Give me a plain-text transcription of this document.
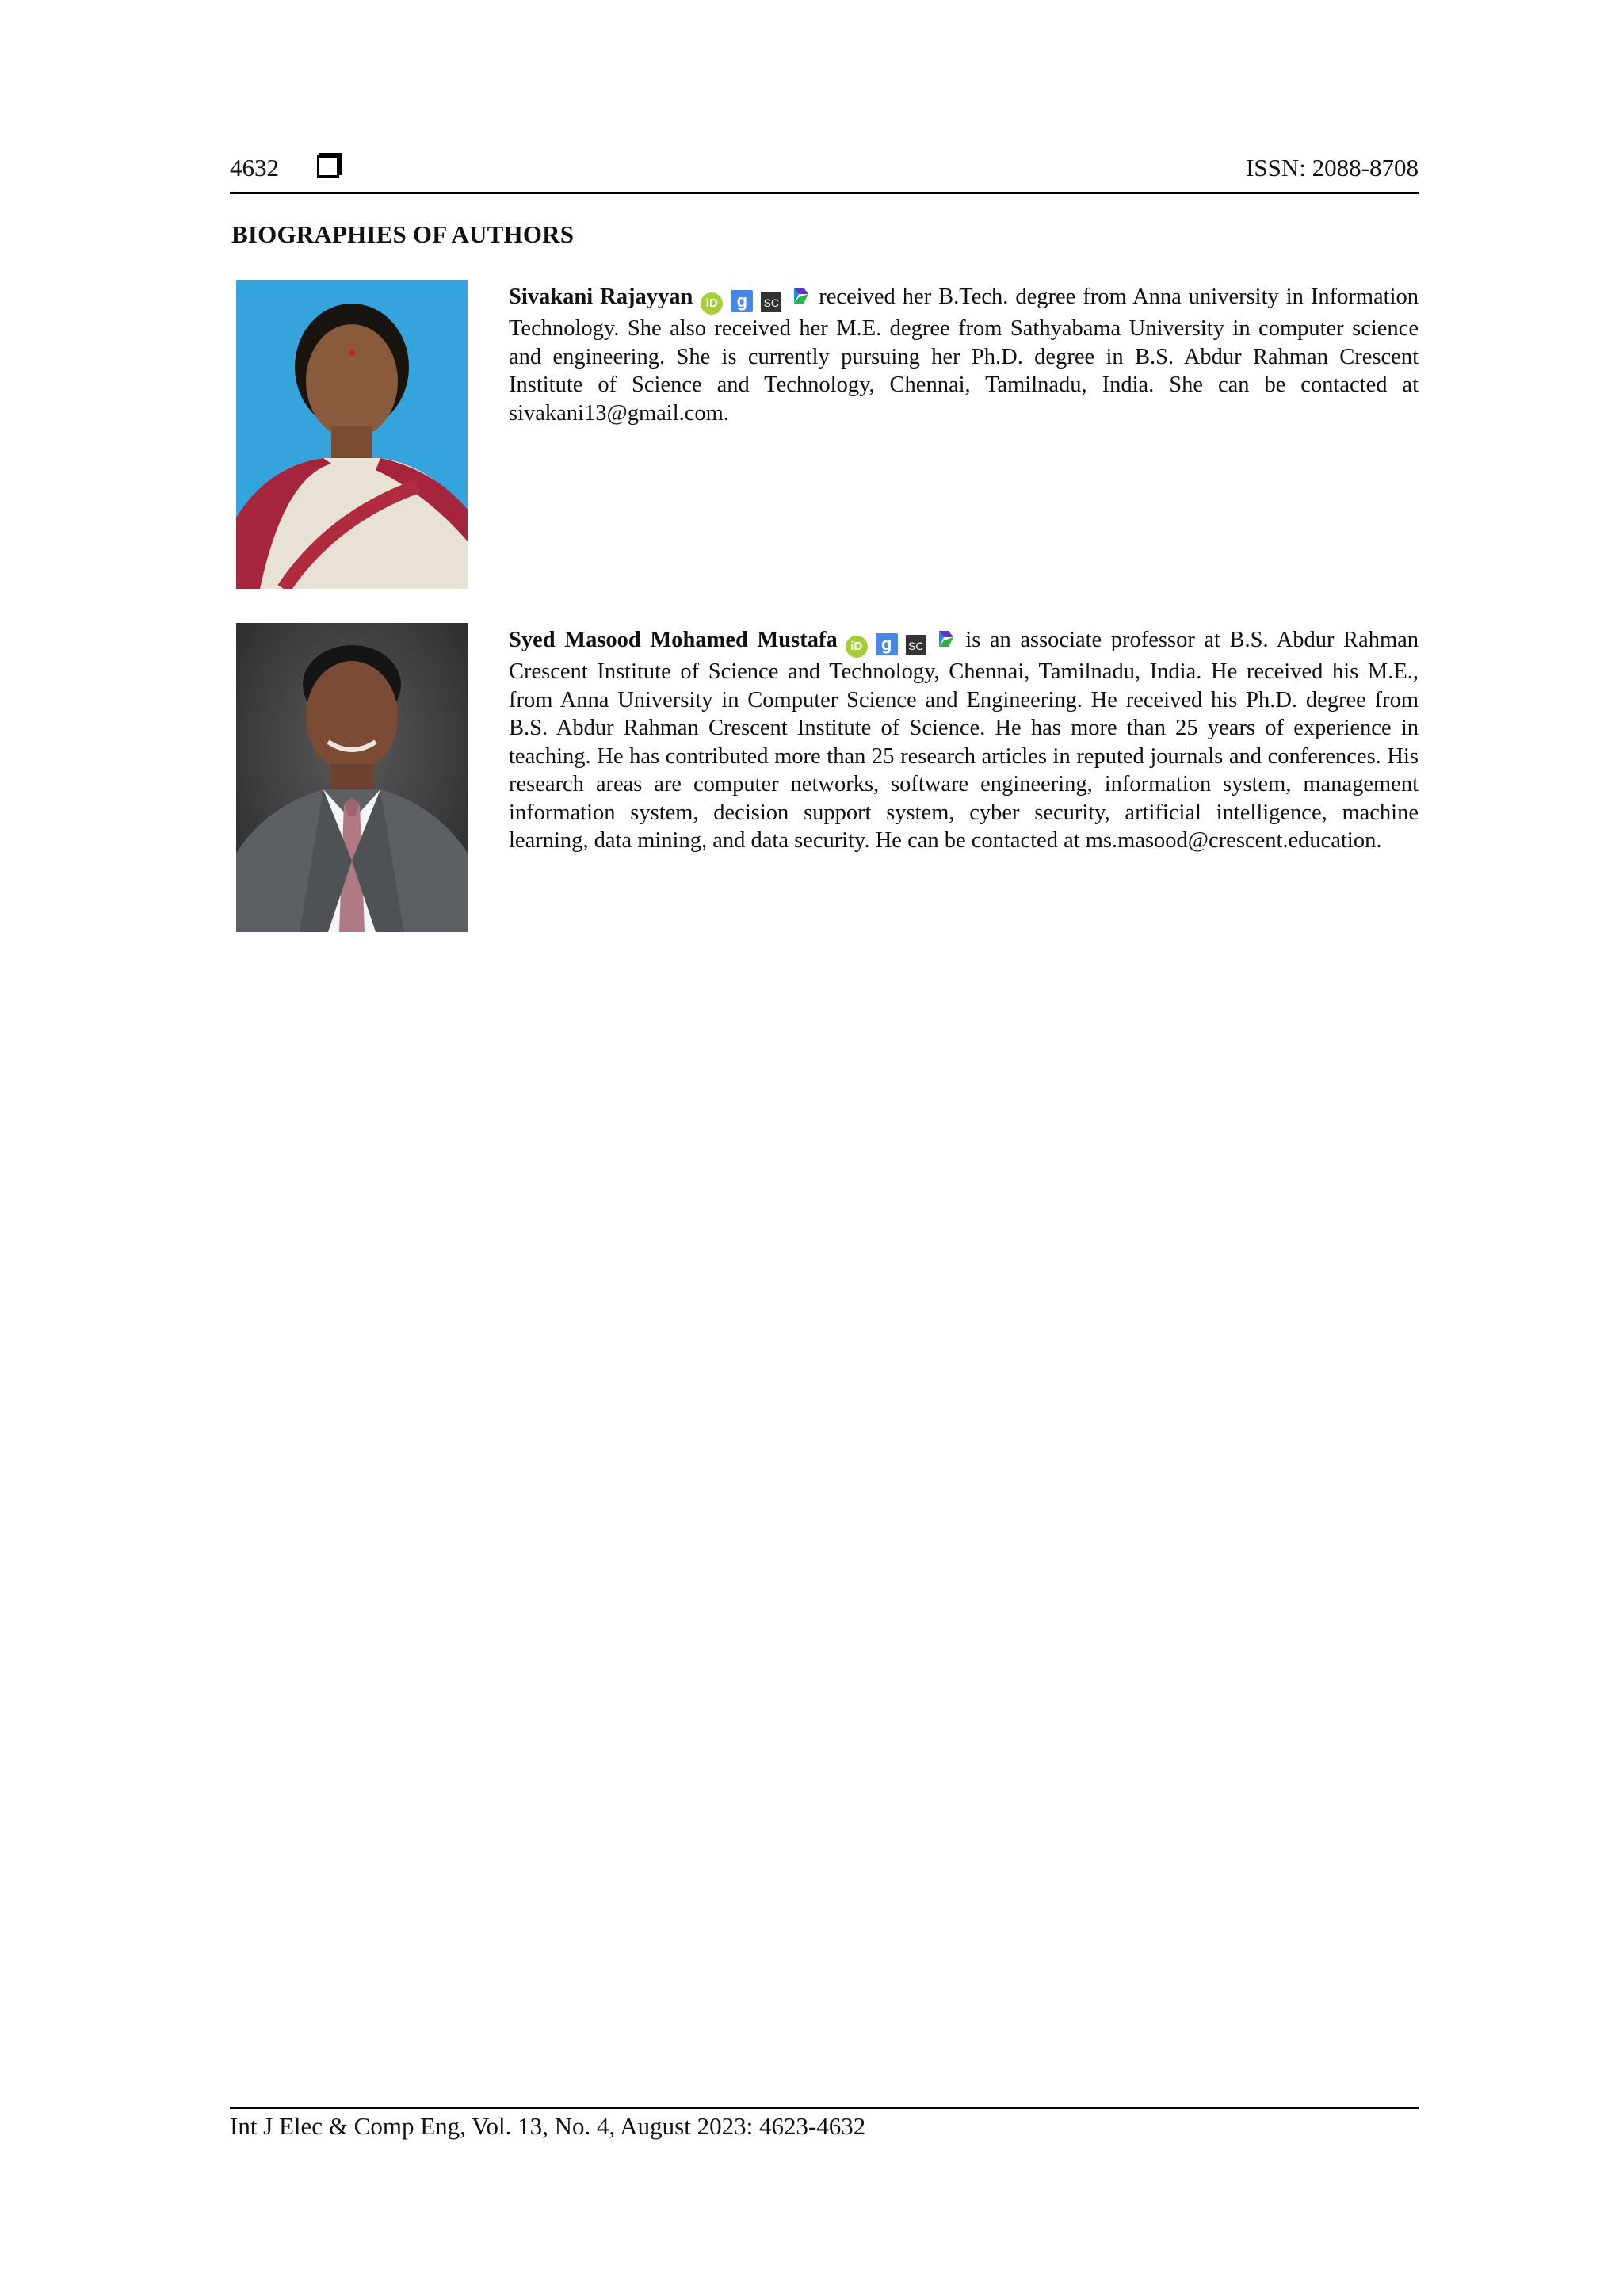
4632	ISSN: 2088-8708
BIOGRAPHIES OF AUTHORS
Sivakani Rajayyan iD g SC received her B.Tech. degree from Anna university in Information Technology. She also received her M.E. degree from Sathyabama University in computer science and engineering. She is currently pursuing her Ph.D. degree in B.S. Abdur Rahman Crescent Institute of Science and Technology, Chennai, Tamilnadu, India. She can be contacted at sivakani13@gmail.com.
Syed Masood Mohamed Mustafa iD g SC is an associate professor at B.S. Abdur Rahman Crescent Institute of Science and Technology, Chennai, Tamilnadu, India. He received his M.E., from Anna University in Computer Science and Engineering. He received his Ph.D. degree from B.S. Abdur Rahman Crescent Institute of Science. He has more than 25 years of experience in teaching. He has contributed more than 25 research articles in reputed journals and conferences. His research areas are computer networks, software engineering, information system, management information system, decision support system, cyber security, artificial intelligence, machine learning, data mining, and data security. He can be contacted at ms.masood@crescent.education.
Int J Elec & Comp Eng, Vol. 13, No. 4, August 2023: 4623-4632
